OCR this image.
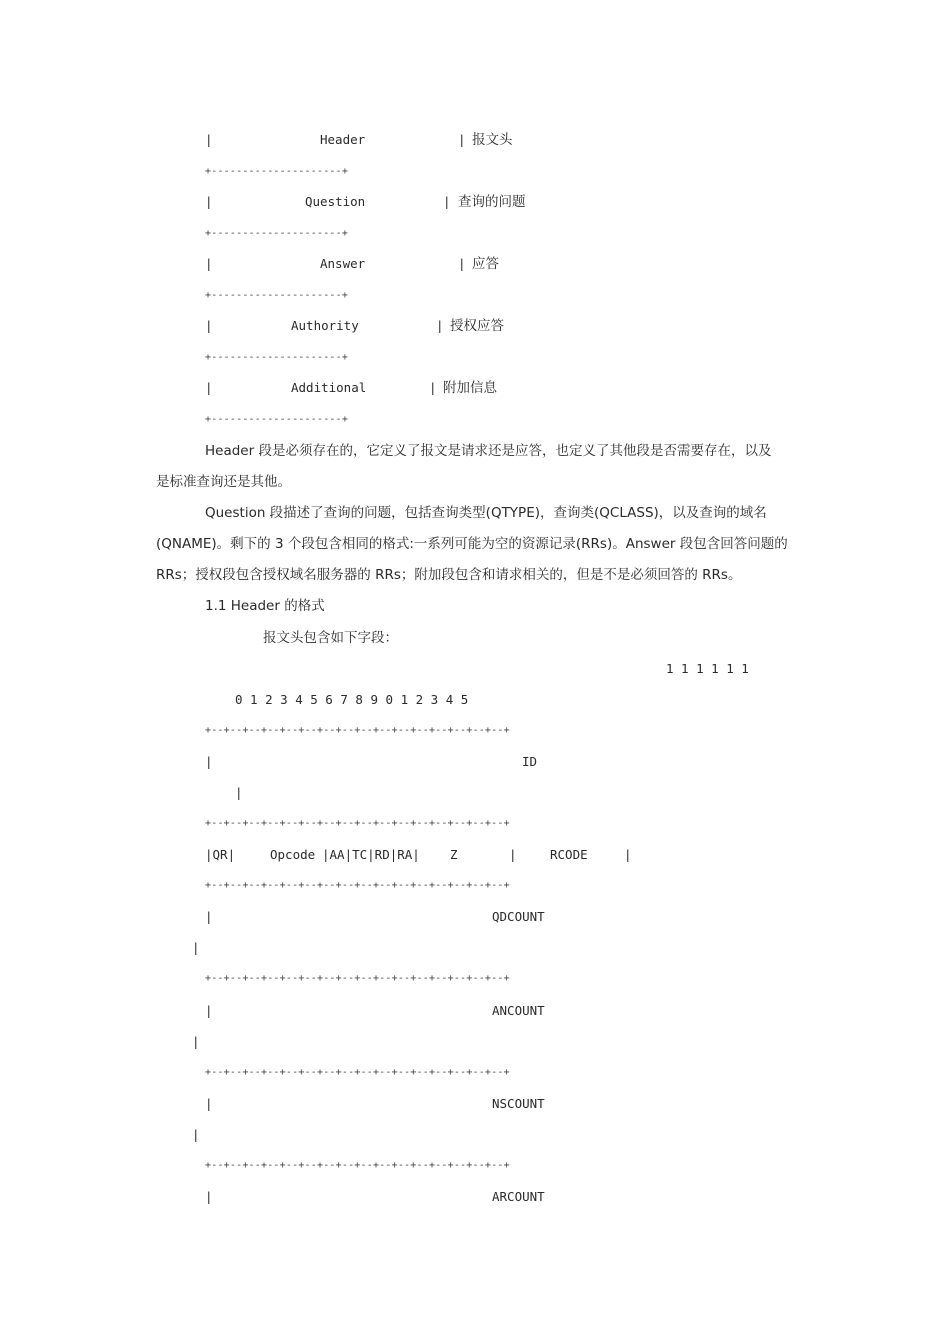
|	Header	| 报文头
+---------------------+
|	Question	| 查询的问题
+---------------------+
|	Answer	| 应答
+---------------------+
|	Authority	| 授权应答
+---------------------+
|	Additional	| 附加信息
+---------------------+
Header 段是必须存在的，它定义了报文是请求还是应答，也定义了其他段是否需要存在，以及
是标准查询还是其他。
Question 段描述了查询的问题，包括查询类型(QTYPE)，查询类(QCLASS)，以及查询的域名
(QNAME)。剩下的 3 个段包含相同的格式:一系列可能为空的资源记录(RRs)。Answer 段包含回答问题的
RRs；授权段包含授权域名服务器的 RRs；附加段包含和请求相关的，但是不是必须回答的 RRs。
1.1 Header 的格式
报文头包含如下字段：
1 1 1 1 1 1
0 1 2 3 4 5 6 7 8 9 0 1 2 3 4 5
+--+--+--+--+--+--+--+--+--+--+--+--+--+--+--+--+
|	ID
|
+--+--+--+--+--+--+--+--+--+--+--+--+--+--+--+--+
|QR|	Opcode |AA|TC|RD|RA| Z	|	RCODE	|
+--+--+--+--+--+--+--+--+--+--+--+--+--+--+--+--+
|	QDCOUNT
|
+--+--+--+--+--+--+--+--+--+--+--+--+--+--+--+--+
|	ANCOUNT
|
+--+--+--+--+--+--+--+--+--+--+--+--+--+--+--+--+
|	NSCOUNT
|
+--+--+--+--+--+--+--+--+--+--+--+--+--+--+--+--+
|	ARCOUNT
